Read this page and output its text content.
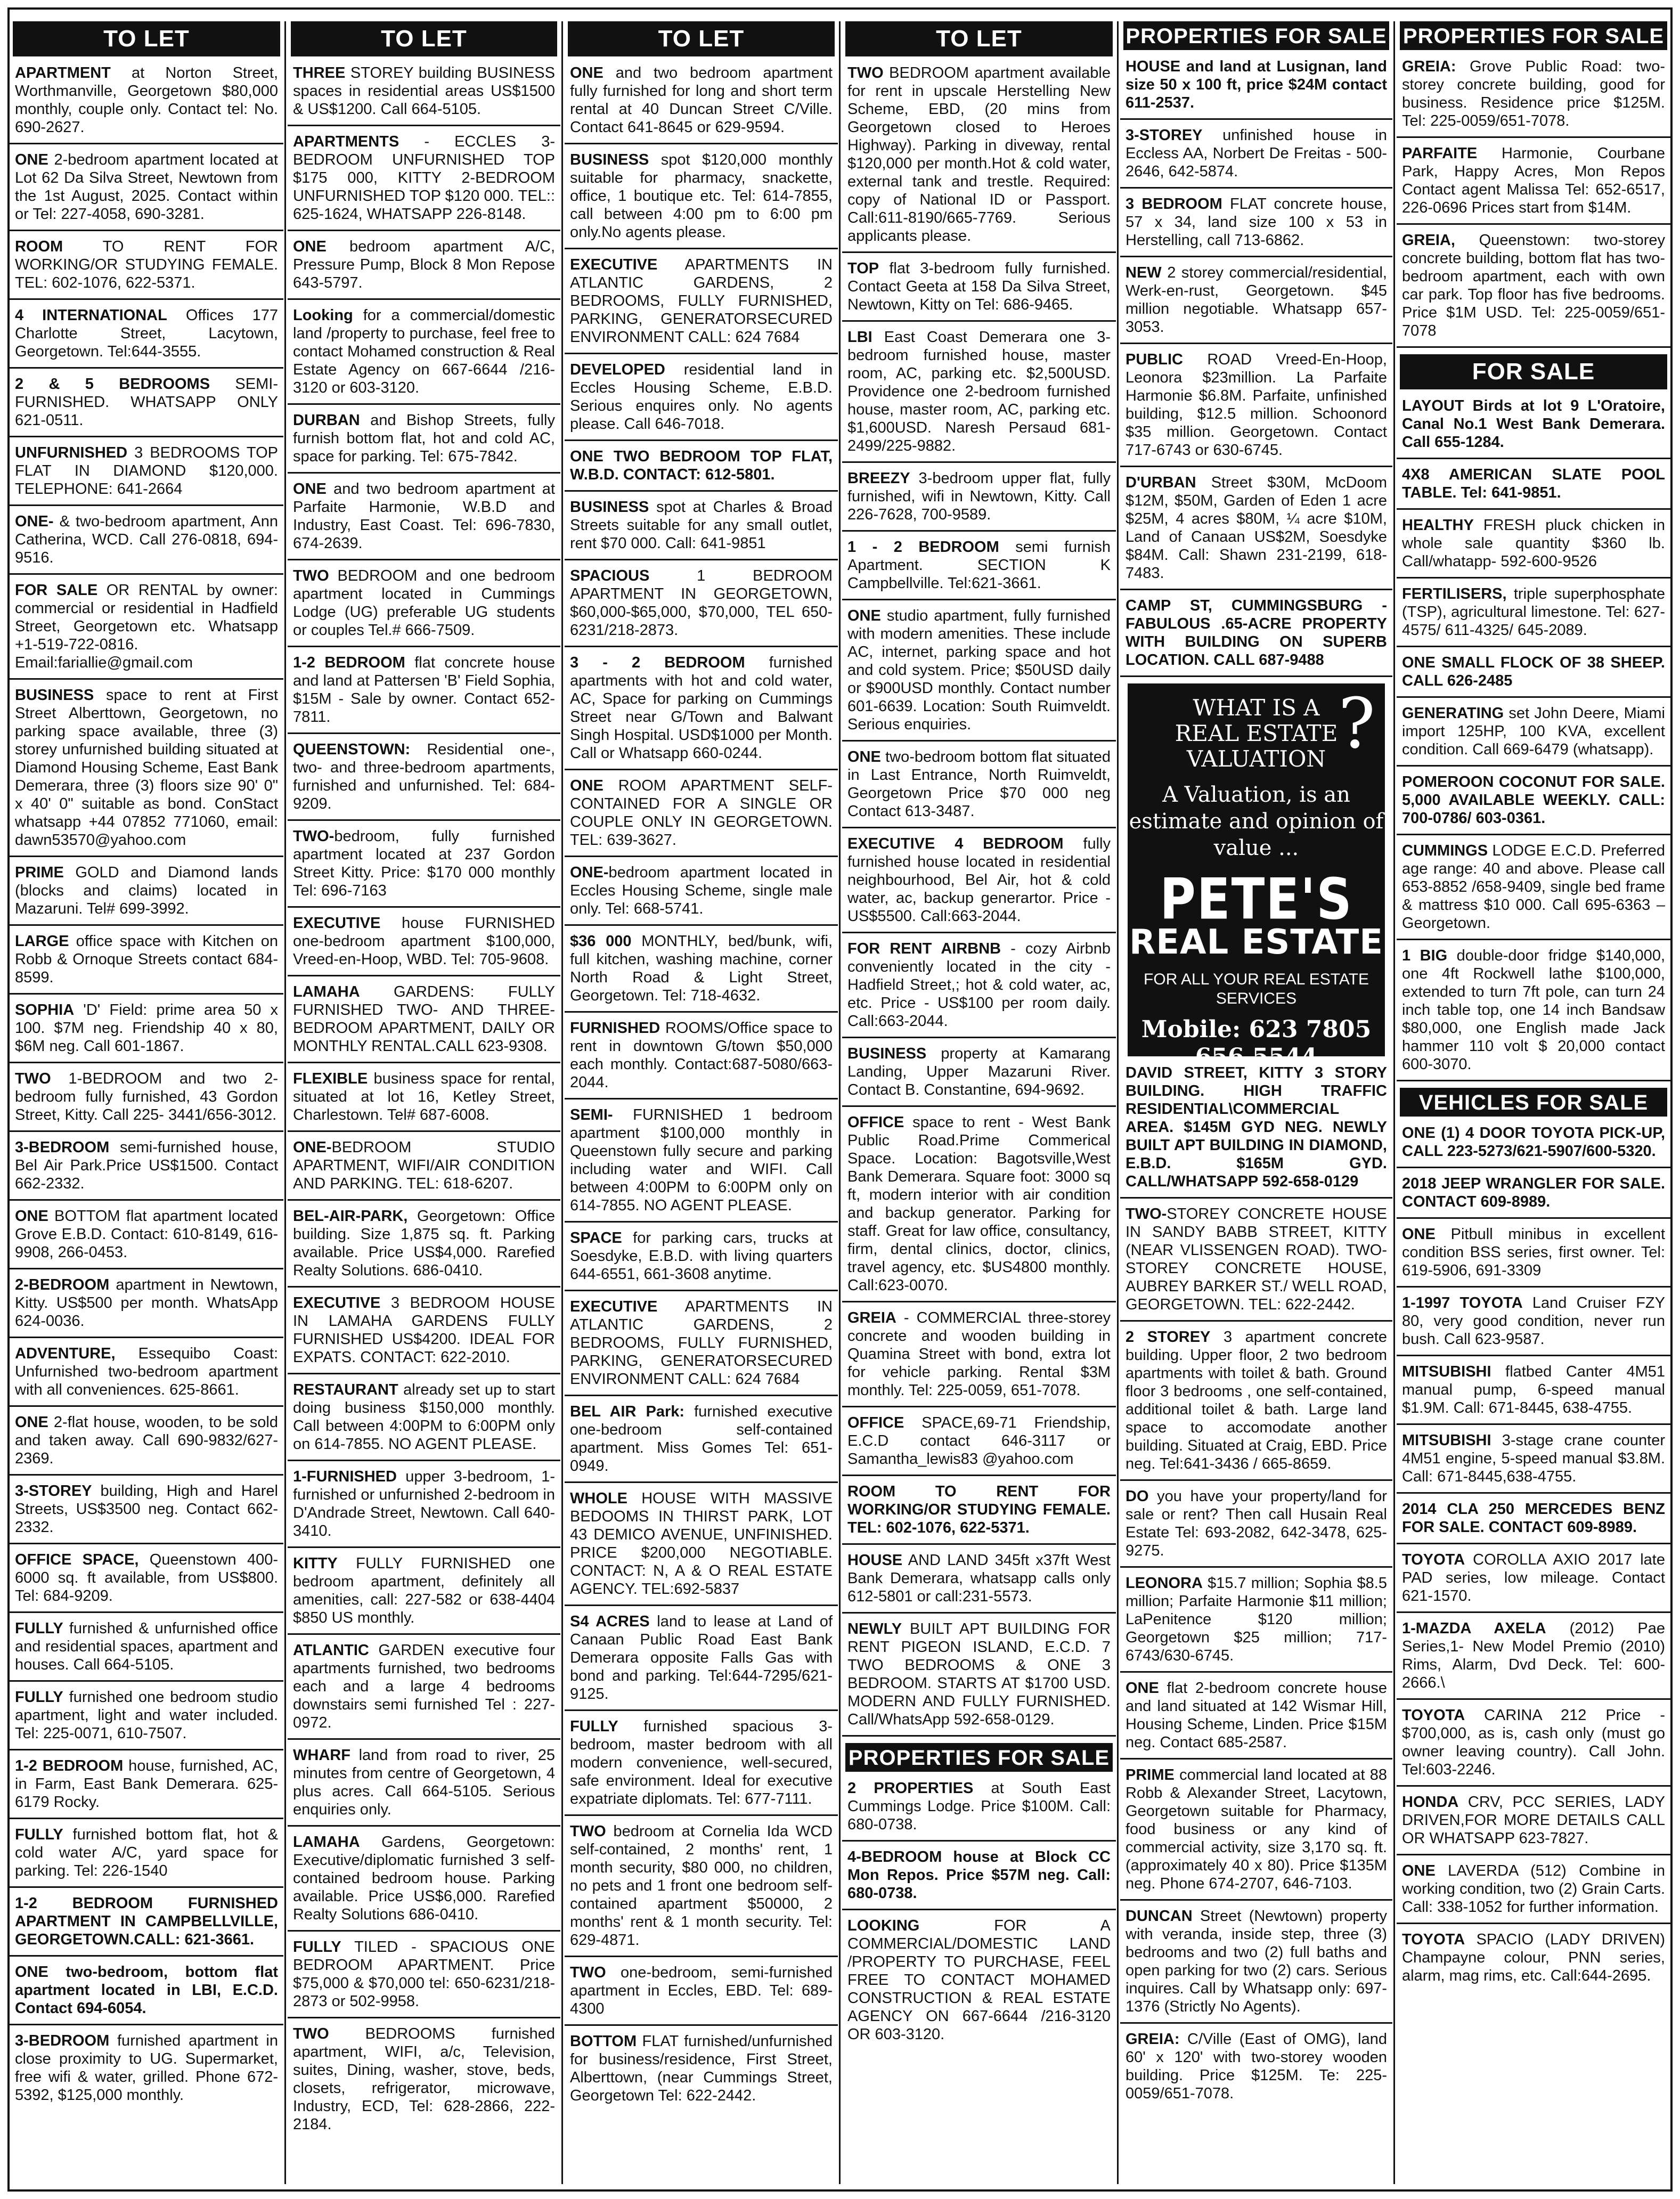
TO LET
APARTMENT at Norton Street, Worthmanville, Georgetown $80,000 monthly, couple only. Contact tel: No. 690-2627.
ONE 2-bedroom apartment located at Lot 62 Da Silva Street, Newtown from the 1st August, 2025. Contact within or Tel: 227-4058, 690-3281.
ROOM TO RENT FOR WORKING/OR STUDYING FEMALE. TEL: 602-1076, 622-5371.
4 INTERNATIONAL Offices 177 Charlotte Street, Lacytown, Georgetown. Tel:644-3555.
2 & 5 BEDROOMS SEMI-FURNISHED. WHATSAPP ONLY 621-0511.
UNFURNISHED 3 BEDROOMS TOP FLAT IN DIAMOND $120,000. TELEPHONE: 641-2664
ONE- & two-bedroom apartment, Ann Catherina, WCD. Call 276-0818, 694-9516.
FOR SALE OR RENTAL by owner: commercial or residential in Hadfield Street, Georgetown etc. Whatsapp +1-519-722-0816. Email:fariallie@gmail.com
BUSINESS space to rent at First Street Alberttown, Georgetown, no parking space available, three (3) storey unfurnished building situated at Diamond Housing Scheme, East Bank Demerara, three (3) floors size 90' 0" x 40' 0" suitable as bond. ConStact whatsapp +44 07852 771060, email: dawn53570@yahoo.com
PRIME GOLD and Diamond lands (blocks and claims) located in Mazaruni. Tel# 699-3992.
LARGE office space with Kitchen on Robb & Ornoque Streets contact 684-8599.
SOPHIA 'D' Field: prime area 50 x 100. $7M neg. Friendship 40 x 80, $6M neg. Call 601-1867.
TWO 1-BEDROOM and two 2-bedroom fully furnished, 43 Gordon Street, Kitty. Call 225- 3441/656-3012.
3-BEDROOM semi-furnished house, Bel Air Park.Price US$1500. Contact 662-2332.
ONE BOTTOM flat apartment located Grove E.B.D. Contact: 610-8149, 616-9908, 266-0453.
2-BEDROOM apartment in Newtown, Kitty. US$500 per month. WhatsApp 624-0036.
ADVENTURE, Essequibo Coast: Unfurnished two-bedroom apartment with all conveniences. 625-8661.
ONE 2-flat house, wooden, to be sold and taken away. Call 690-9832/627-2369.
3-STOREY building, High and Harel Streets, US$3500 neg. Contact 662-2332.
OFFICE SPACE, Queenstown 400-6000 sq. ft available, from US$800. Tel: 684-9209.
FULLY furnished & unfurnished office and residential spaces, apartment and houses. Call 664-5105.
FULLY furnished one bedroom studio apartment, light and water included. Tel: 225-0071, 610-7507.
1-2 BEDROOM house, furnished, AC, in Farm, East Bank Demerara. 625-6179 Rocky.
FULLY furnished bottom flat, hot & cold water A/C, yard space for parking. Tel: 226-1540
1-2 BEDROOM FURNISHED APARTMENT IN CAMPBELLVILLE, GEORGETOWN.CALL: 621-3661.
ONE two-bedroom, bottom flat apartment located in LBI, E.C.D. Contact 694-6054.
3-BEDROOM furnished apartment in close proximity to UG. Supermarket, free wifi & water, grilled. Phone 672-5392, $125,000 monthly.
TO LET
THREE STOREY building BUSINESS spaces in residential areas US$1500 & US$1200. Call 664-5105.
APARTMENTS - ECCLES 3-BEDROOM UNFURNISHED TOP $175 000, KITTY 2-BEDROOM UNFURNISHED TOP $120 000. TEL:: 625-1624, WHATSAPP 226-8148.
ONE bedroom apartment A/C, Pressure Pump, Block 8 Mon Repose 643-5797.
Looking for a commercial/domestic land /property to purchase, feel free to contact Mohamed construction & Real Estate Agency on 667-6644 /216-3120 or 603-3120.
DURBAN and Bishop Streets, fully furnish bottom flat, hot and cold AC, space for parking. Tel: 675-7842.
ONE and two bedroom apartment at Parfaite Harmonie, W.B.D and Industry, East Coast. Tel: 696-7830, 674-2639.
TWO BEDROOM and one bedroom apartment located in Cummings Lodge (UG) preferable UG students or couples Tel.# 666-7509.
1-2 BEDROOM flat concrete house and land at Pattersen 'B' Field Sophia, $15M - Sale by owner. Contact 652-7811.
QUEENSTOWN: Residential one-, two- and three-bedroom apartments, furnished and unfurnished. Tel: 684-9209.
TWO-bedroom, fully furnished apartment located at 237 Gordon Street Kitty. Price: $170 000 monthly Tel: 696-7163
EXECUTIVE house FURNISHED one-bedroom apartment $100,000, Vreed-en-Hoop, WBD. Tel: 705-9608.
LAMAHA GARDENS: FULLY FURNISHED TWO- AND THREE-BEDROOM APARTMENT, DAILY OR MONTHLY RENTAL.CALL 623-9308.
FLEXIBLE business space for rental, situated at lot 16, Ketley Street, Charlestown. Tel# 687-6008.
ONE-BEDROOM STUDIO APARTMENT, WIFI/AIR CONDITION AND PARKING. TEL: 618-6207.
BEL-AIR-PARK, Georgetown: Office building. Size 1,875 sq. ft. Parking available. Price US$4,000. Rarefied Realty Solutions. 686-0410.
EXECUTIVE 3 BEDROOM HOUSE IN LAMAHA GARDENS FULLY FURNISHED US$4200. IDEAL FOR EXPATS. CONTACT: 622-2010.
RESTAURANT already set up to start doing business $150,000 monthly. Call between 4:00PM to 6:00PM only on 614-7855. NO AGENT PLEASE.
1-FURNISHED upper 3-bedroom, 1-furnished or unfurnished 2-bedroom in D'Andrade Street, Newtown. Call 640-3410.
KITTY FULLY FURNISHED one bedroom apartment, definitely all amenities, call: 227-582 or 638-4404 $850 US monthly.
ATLANTIC GARDEN executive four apartments furnished, two bedrooms each and a large 4 bedrooms downstairs semi furnished Tel : 227-0972.
WHARF land from road to river, 25 minutes from centre of Georgetown, 4 plus acres. Call 664-5105. Serious enquiries only.
LAMAHA Gardens, Georgetown: Executive/diplomatic furnished 3 self-contained bedroom house. Parking available. Price US$6,000. Rarefied Realty Solutions 686-0410.
FULLY TILED - SPACIOUS ONE BEDROOM APARTMENT. Price $75,000 & $70,000 tel: 650-6231/218-2873 or 502-9958.
TWO BEDROOMS furnished apartment, WIFI, a/c, Television, suites, Dining, washer, stove, beds, closets, refrigerator, microwave, Industry, ECD, Tel: 628-2866, 222-2184.
TO LET
ONE and two bedroom apartment fully furnished for long and short term rental at 40 Duncan Street C/Ville. Contact 641-8645 or 629-9594.
BUSINESS spot $120,000 monthly suitable for pharmacy, snackette, office, 1 boutique etc. Tel: 614-7855, call between 4:00 pm to 6:00 pm only.No agents please.
EXECUTIVE APARTMENTS IN ATLANTIC GARDENS, 2 BEDROOMS, FULLY FURNISHED, PARKING, GENERATORSECURED ENVIRONMENT CALL: 624 7684
DEVELOPED residential land in Eccles Housing Scheme, E.B.D. Serious enquires only. No agents please. Call 646-7018.
ONE TWO BEDROOM TOP FLAT, W.B.D. CONTACT: 612-5801.
BUSINESS spot at Charles & Broad Streets suitable for any small outlet, rent $70 000. Call: 641-9851
SPACIOUS 1 BEDROOM APARTMENT IN GEORGETOWN, $60,000-$65,000, $70,000, TEL 650-6231/218-2873.
3 - 2 BEDROOM furnished apartments with hot and cold water, AC, Space for parking on Cummings Street near G/Town and Balwant Singh Hospital. USD$1000 per Month. Call or Whatsapp 660-0244.
ONE ROOM APARTMENT SELF-CONTAINED FOR A SINGLE OR COUPLE ONLY IN GEORGETOWN. TEL: 639-3627.
ONE-bedroom apartment located in Eccles Housing Scheme, single male only. Tel: 668-5741.
$36 000 MONTHLY, bed/bunk, wifi, full kitchen, washing machine, corner North Road & Light Street, Georgetown. Tel: 718-4632.
FURNISHED ROOMS/Office space to rent in downtown G/town $50,000 each monthly. Contact:687-5080/663-2044.
SEMI- FURNISHED 1 bedroom apartment $100,000 monthly in Queenstown fully secure and parking including water and WIFI. Call between 4:00PM to 6:00PM only on 614-7855. NO AGENT PLEASE.
SPACE for parking cars, trucks at Soesdyke, E.B.D. with living quarters 644-6551, 661-3608 anytime.
EXECUTIVE APARTMENTS IN ATLANTIC GARDENS, 2 BEDROOMS, FULLY FURNISHED, PARKING, GENERATORSECURED ENVIRONMENT CALL: 624 7684
BEL AIR Park: furnished executive one-bedroom self-contained apartment. Miss Gomes Tel: 651-0949.
WHOLE HOUSE WITH MASSIVE BEDOOMS IN THIRST PARK, LOT 43 DEMICO AVENUE, UNFINISHED. PRICE $200,000 NEGOTIABLE. CONTACT: N, A & O REAL ESTATE AGENCY. TEL:692-5837
S4 ACRES land to lease at Land of Canaan Public Road East Bank Demerara opposite Falls Gas with bond and parking. Tel:644-7295/621-9125.
FULLY furnished spacious 3-bedroom, master bedroom with all modern convenience, well-secured, safe environment. Ideal for executive expatriate diplomats. Tel: 677-7111.
TWO bedroom at Cornelia Ida WCD self-contained, 2 months' rent, 1 month security, $80 000, no children, no pets and 1 front one bedroom self-contained apartment $50000, 2 months' rent & 1 month security. Tel: 629-4871.
TWO one-bedroom, semi-furnished apartment in Eccles, EBD. Tel: 689-4300
BOTTOM FLAT furnished/unfurnished for business/residence, First Street, Alberttown, (near Cummings Street, Georgetown Tel: 622-2442.
TO LET
TWO BEDROOM apartment available for rent in upscale Herstelling New Scheme, EBD, (20 mins from Georgetown closed to Heroes Highway). Parking in diveway, rental $120,000 per month.Hot & cold water, external tank and trestle. Required: copy of National ID or Passport. Call:611-8190/665-7769. Serious applicants please.
TOP flat 3-bedroom fully furnished. Contact Geeta at 158 Da Silva Street, Newtown, Kitty on Tel: 686-9465.
LBI East Coast Demerara one 3-bedroom furnished house, master room, AC, parking etc. $2,500USD. Providence one 2-bedroom furnished house, master room, AC, parking etc. $1,600USD. Naresh Persaud 681-2499/225-9882.
BREEZY 3-bedroom upper flat, fully furnished, wifi in Newtown, Kitty. Call 226-7628, 700-9589.
1 - 2 BEDROOM semi furnish Apartment. SECTION K Campbellville. Tel:621-3661.
ONE studio apartment, fully furnished with modern amenities. These include AC, internet, parking space and hot and cold system. Price; $50USD daily or $900USD monthly. Contact number 601-6639. Location: South Ruimveldt. Serious enquiries.
ONE two-bedroom bottom flat situated in Last Entrance, North Ruimveldt, Georgetown Price $70 000 neg Contact 613-3487.
EXECUTIVE 4 BEDROOM fully furnished house located in residential neighbourhood, Bel Air, hot & cold water, ac, backup generartor. Price - US$5500. Call:663-2044.
FOR RENT AIRBNB - cozy Airbnb conveniently located in the city - Hadfield Street,; hot & cold water, ac, etc. Price - US$100 per room daily. Call:663-2044.
BUSINESS property at Kamarang Landing, Upper Mazaruni River. Contact B. Constantine, 694-9692.
OFFICE space to rent - West Bank Public Road.Prime Commerical Space. Location: Bagotsville,West Bank Demerara. Square foot: 3000 sq ft, modern interior with air condition and backup generator. Parking for staff. Great for law office, consultancy, firm, dental clinics, doctor, clinics, travel agency, etc. $US4800 monthly. Call:623-0070.
GREIA - COMMERCIAL three-storey concrete and wooden building in Quamina Street with bond, extra lot for vehicle parking. Rental $3M monthly. Tel: 225-0059, 651-7078.
OFFICE SPACE,69-71 Friendship, E.C.D contact 646-3117 or Samantha_lewis83 @yahoo.com
ROOM TO RENT FOR WORKING/OR STUDYING FEMALE. TEL: 602-1076, 622-5371.
HOUSE AND LAND 345ft x37ft West Bank Demerara, whatsapp calls only 612-5801 or call:231-5573.
NEWLY BUILT APT BUILDING FOR RENT PIGEON ISLAND, E.C.D. 7 TWO BEDROOMS & ONE 3 BEDROOM. STARTS AT $1700 USD. MODERN AND FULLY FURNISHED. Call/WhatsApp 592-658-0129.
PROPERTIES FOR SALE
2 PROPERTIES at South East Cummings Lodge. Price $100M. Call: 680-0738.
4-BEDROOM house at Block CC Mon Repos. Price $57M neg. Call: 680-0738.
LOOKING FOR A COMMERCIAL/DOMESTIC LAND /PROPERTY TO PURCHASE, FEEL FREE TO CONTACT MOHAMED CONSTRUCTION & REAL ESTATE AGENCY ON 667-6644 /216-3120 OR 603-3120.
PROPERTIES FOR SALE
HOUSE and land at Lusignan, land size 50 x 100 ft, price $24M contact 611-2537.
3-STOREY unfinished house in Eccless AA, Norbert De Freitas - 500-2646, 642-5874.
3 BEDROOM FLAT concrete house, 57 x 34, land size 100 x 53 in Herstelling, call 713-6862.
NEW 2 storey commercial/residential, Werk-en-rust, Georgetown. $45 million negotiable. Whatsapp 657-3053.
PUBLIC ROAD Vreed-En-Hoop, Leonora $23million. La Parfaite Harmonie $6.8M. Parfaite, unfinished building, $12.5 million. Schoonord $35 million. Georgetown. Contact 717-6743 or 630-6745.
D'URBAN Street $30M, McDoom $12M, $50M, Garden of Eden 1 acre $25M, 4 acres $80M, ¼ acre $10M, Land of Canaan US$2M, Soesdyke $84M. Call: Shawn 231-2199, 618-7483.
CAMP ST, CUMMINGSBURG - FABULOUS .65-ACRE PROPERTY WITH BUILDING ON SUPERB LOCATION. CALL 687-9488
?
WHAT IS A
REAL ESTATE
VALUATION
A Valuation, is an estimate and opinion of value ...
PETE'S
REAL ESTATE
FOR ALL YOUR REAL ESTATE SERVICES
Mobile: 623 7805
656 5544
DAVID STREET, KITTY 3 STORY BUILDING. HIGH TRAFFIC RESIDENTIAL\COMMERCIAL AREA. $145M GYD NEG. NEWLY BUILT APT BUILDING IN DIAMOND, E.B.D. $165M GYD. CALL/WHATSAPP 592-658-0129
TWO-STOREY CONCRETE HOUSE IN SANDY BABB STREET, KITTY (NEAR VLISSENGEN ROAD). TWO-STOREY CONCRETE HOUSE, AUBREY BARKER ST./ WELL ROAD, GEORGETOWN. TEL: 622-2442.
2 STOREY 3 apartment concrete building. Upper floor, 2 two bedroom apartments with toilet & bath. Ground floor 3 bedrooms , one self-contained, additional toilet & bath. Large land space to accomodate another building. Situated at Craig, EBD. Price neg. Tel:641-3436 / 665-8659.
DO you have your property/land for sale or rent? Then call Husain Real Estate Tel: 693-2082, 642-3478, 625-9275.
LEONORA $15.7 million; Sophia $8.5 million; Parfaite Harmonie $11 million; LaPenitence $120 million; Georgetown $25 million; 717-6743/630-6745.
ONE flat 2-bedroom concrete house and land situated at 142 Wismar Hill, Housing Scheme, Linden. Price $15M neg. Contact 685-2587.
PRIME commercial land located at 88 Robb & Alexander Street, Lacytown, Georgetown suitable for Pharmacy, food business or any kind of commercial activity, size 3,170 sq. ft. (approximately 40 x 80). Price $135M neg. Phone 674-2707, 646-7103.
DUNCAN Street (Newtown) property with veranda, inside step, three (3) bedrooms and two (2) full baths and open parking for two (2) cars. Serious inquires. Call by Whatsapp only: 697-1376 (Strictly No Agents).
GREIA: C/Ville (East of OMG), land 60' x 120' with two-storey wooden building. Price $125M. Te: 225-0059/651-7078.
PROPERTIES FOR SALE
GREIA: Grove Public Road: two-storey concrete building, good for business. Residence price $125M. Tel: 225-0059/651-7078.
PARFAITE Harmonie, Courbane Park, Happy Acres, Mon Repos Contact agent Malissa Tel: 652-6517, 226-0696 Prices start from $14M.
GREIA, Queenstown: two-storey concrete building, bottom flat has two-bedroom apartment, each with own car park. Top floor has five bedrooms. Price $1M USD. Tel: 225-0059/651-7078
FOR SALE
LAYOUT Birds at lot 9 L'Oratoire, Canal No.1 West Bank Demerara. Call 655-1284.
4X8 AMERICAN SLATE POOL TABLE. Tel: 641-9851.
HEALTHY FRESH pluck chicken in whole sale quantity $360 lb. Call/whatapp- 592-600-9526
FERTILISERS, triple superphosphate (TSP), agricultural limestone. Tel: 627-4575/ 611-4325/ 645-2089.
ONE SMALL FLOCK OF 38 SHEEP. CALL 626-2485
GENERATING set John Deere, Miami import 125HP, 100 KVA, excellent condition. Call 669-6479 (whatsapp).
POMEROON COCONUT FOR SALE. 5,000 AVAILABLE WEEKLY. CALL: 700-0786/ 603-0361.
CUMMINGS LODGE E.C.D. Preferred age range: 40 and above. Please call 653-8852 /658-9409, single bed frame & mattress $10 000. Call 695-6363 – Georgetown.
1 BIG double-door fridge $140,000, one 4ft Rockwell lathe $100,000, extended to turn 7ft pole, can turn 24 inch table top, one 14 inch Bandsaw $80,000, one English made Jack hammer 110 volt $ 20,000 contact 600-3070.
VEHICLES FOR SALE
ONE (1) 4 DOOR TOYOTA PICK-UP, CALL 223-5273/621-5907/600-5320.
2018 JEEP WRANGLER FOR SALE. CONTACT 609-8989.
ONE Pitbull minibus in excellent condition BSS series, first owner. Tel: 619-5906, 691-3309
1-1997 TOYOTA Land Cruiser FZY 80, very good condition, never run bush. Call 623-9587.
MITSUBISHI flatbed Canter 4M51 manual pump, 6-speed manual $1.9M. Call: 671-8445, 638-4755.
MITSUBISHI 3-stage crane counter 4M51 engine, 5-speed manual $3.8M. Call: 671-8445,638-4755.
2014 CLA 250 MERCEDES BENZ FOR SALE. CONTACT 609-8989.
TOYOTA COROLLA AXIO 2017 late PAD series, low mileage. Contact 621-1570.
1-MAZDA AXELA (2012) Pae Series,1- New Model Premio (2010) Rims, Alarm, Dvd Deck. Tel: 600-2666.\
TOYOTA CARINA 212 Price - $700,000, as is, cash only (must go owner leaving country). Call John. Tel:603-2246.
HONDA CRV, PCC SERIES, LADY DRIVEN,FOR MORE DETAILS CALL OR WHATSAPP 623-7827.
ONE LAVERDA (512) Combine in working condition, two (2) Grain Carts. Call: 338-1052 for further information.
TOYOTA SPACIO (LADY DRIVEN) Champayne colour, PNN series, alarm, mag rims, etc. Call:644-2695.
